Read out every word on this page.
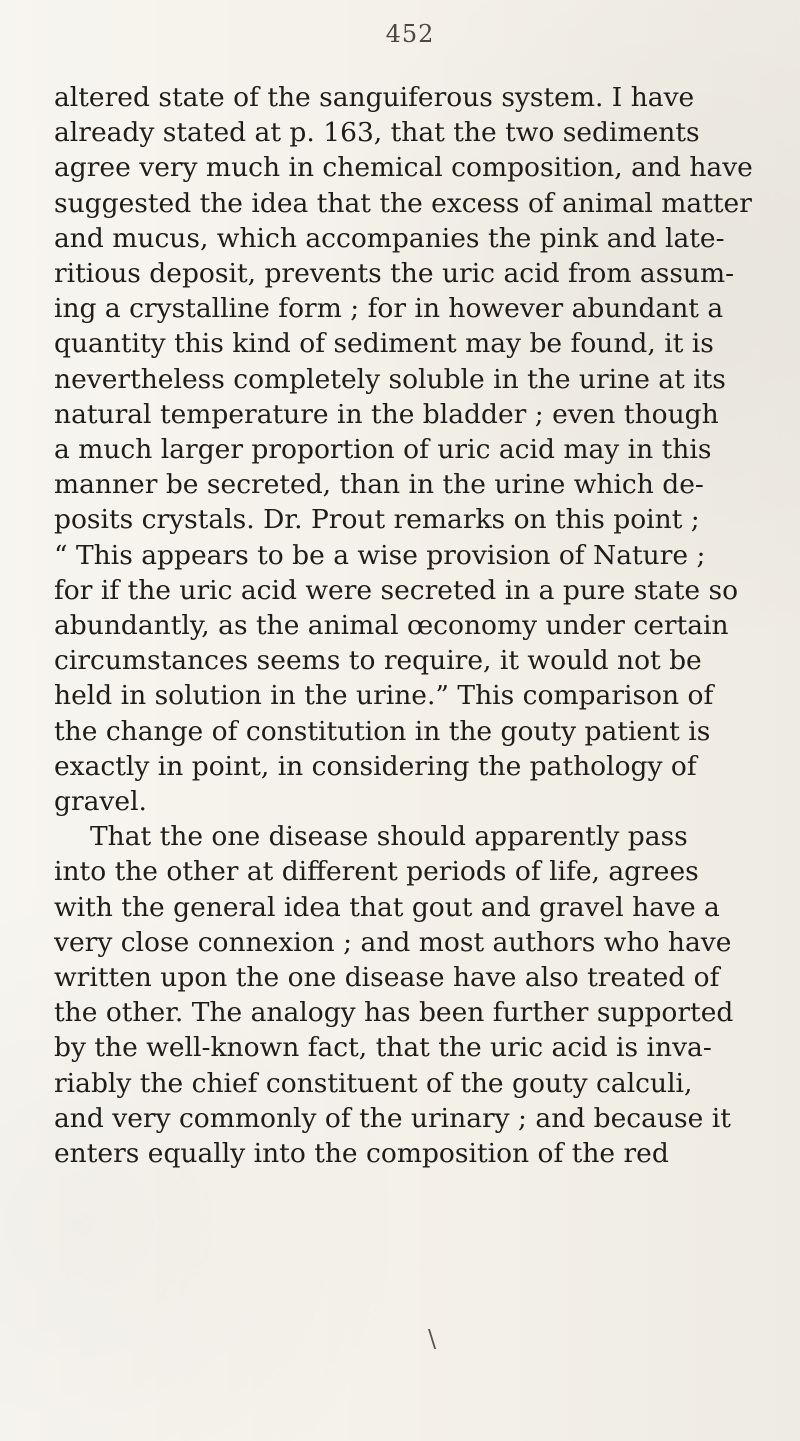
452
altered state of the sanguiferous system. I have
already stated at p. 163, that the two sediments
agree very much in chemical composition, and have
suggested the idea that the excess of animal matter
and mucus, which accompanies the pink and late-
ritious deposit, prevents the uric acid from assum-
ing a crystalline form ; for in however abundant a
quantity this kind of sediment may be found, it is
nevertheless completely soluble in the urine at its
natural temperature in the bladder ; even though
a much larger proportion of uric acid may in this
manner be secreted, than in the urine which de-
posits crystals. Dr. Prout remarks on this point ;
“ This appears to be a wise provision of Nature ;
for if the uric acid were secreted in a pure state so
abundantly, as the animal œconomy under certain
circumstances seems to require, it would not be
held in solution in the urine.” This comparison of
the change of constitution in the gouty patient is
exactly in point, in considering the pathology of
gravel.
That the one disease should apparently pass
into the other at different periods of life, agrees
with the general idea that gout and gravel have a
very close connexion ; and most authors who have
written upon the one disease have also treated of
the other. The analogy has been further supported
by the well-known fact, that the uric acid is inva-
riably the chief constituent of the gouty calculi,
and very commonly of the urinary ; and because it
enters equally into the composition of the red
\
